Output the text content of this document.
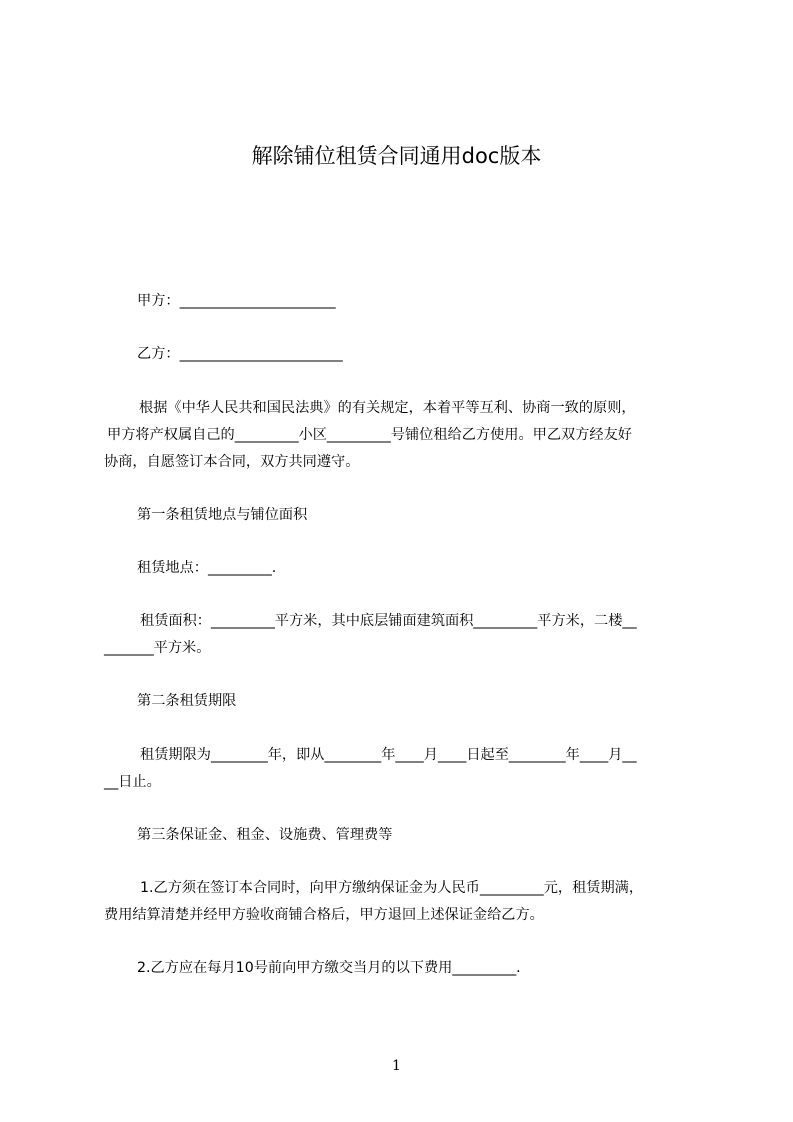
解除铺位租赁合同通用doc版本
甲方：______________________
乙方：_______________________
根据《中华人民共和国民法典》的有关规定，本着平等互利、协商一致的原则，
甲方将产权属自己的_________小区_________号铺位租给乙方使用。甲乙双方经友好
协商，自愿签订本合同，双方共同遵守。
第一条租赁地点与铺位面积
租赁地点：_________.
租赁面积：_________平方米，其中底层铺面建筑面积_________平方米，二楼__
_______平方米。
第二条租赁期限
租赁期限为________年，即从________年____月____日起至________年____月__
__日止。
第三条保证金、租金、设施费、管理费等
1.乙方须在签订本合同时，向甲方缴纳保证金为人民币_________元，租赁期满，
费用结算清楚并经甲方验收商铺合格后，甲方退回上述保证金给乙方。
2.乙方应在每月10号前向甲方缴交当月的以下费用_________.
1
